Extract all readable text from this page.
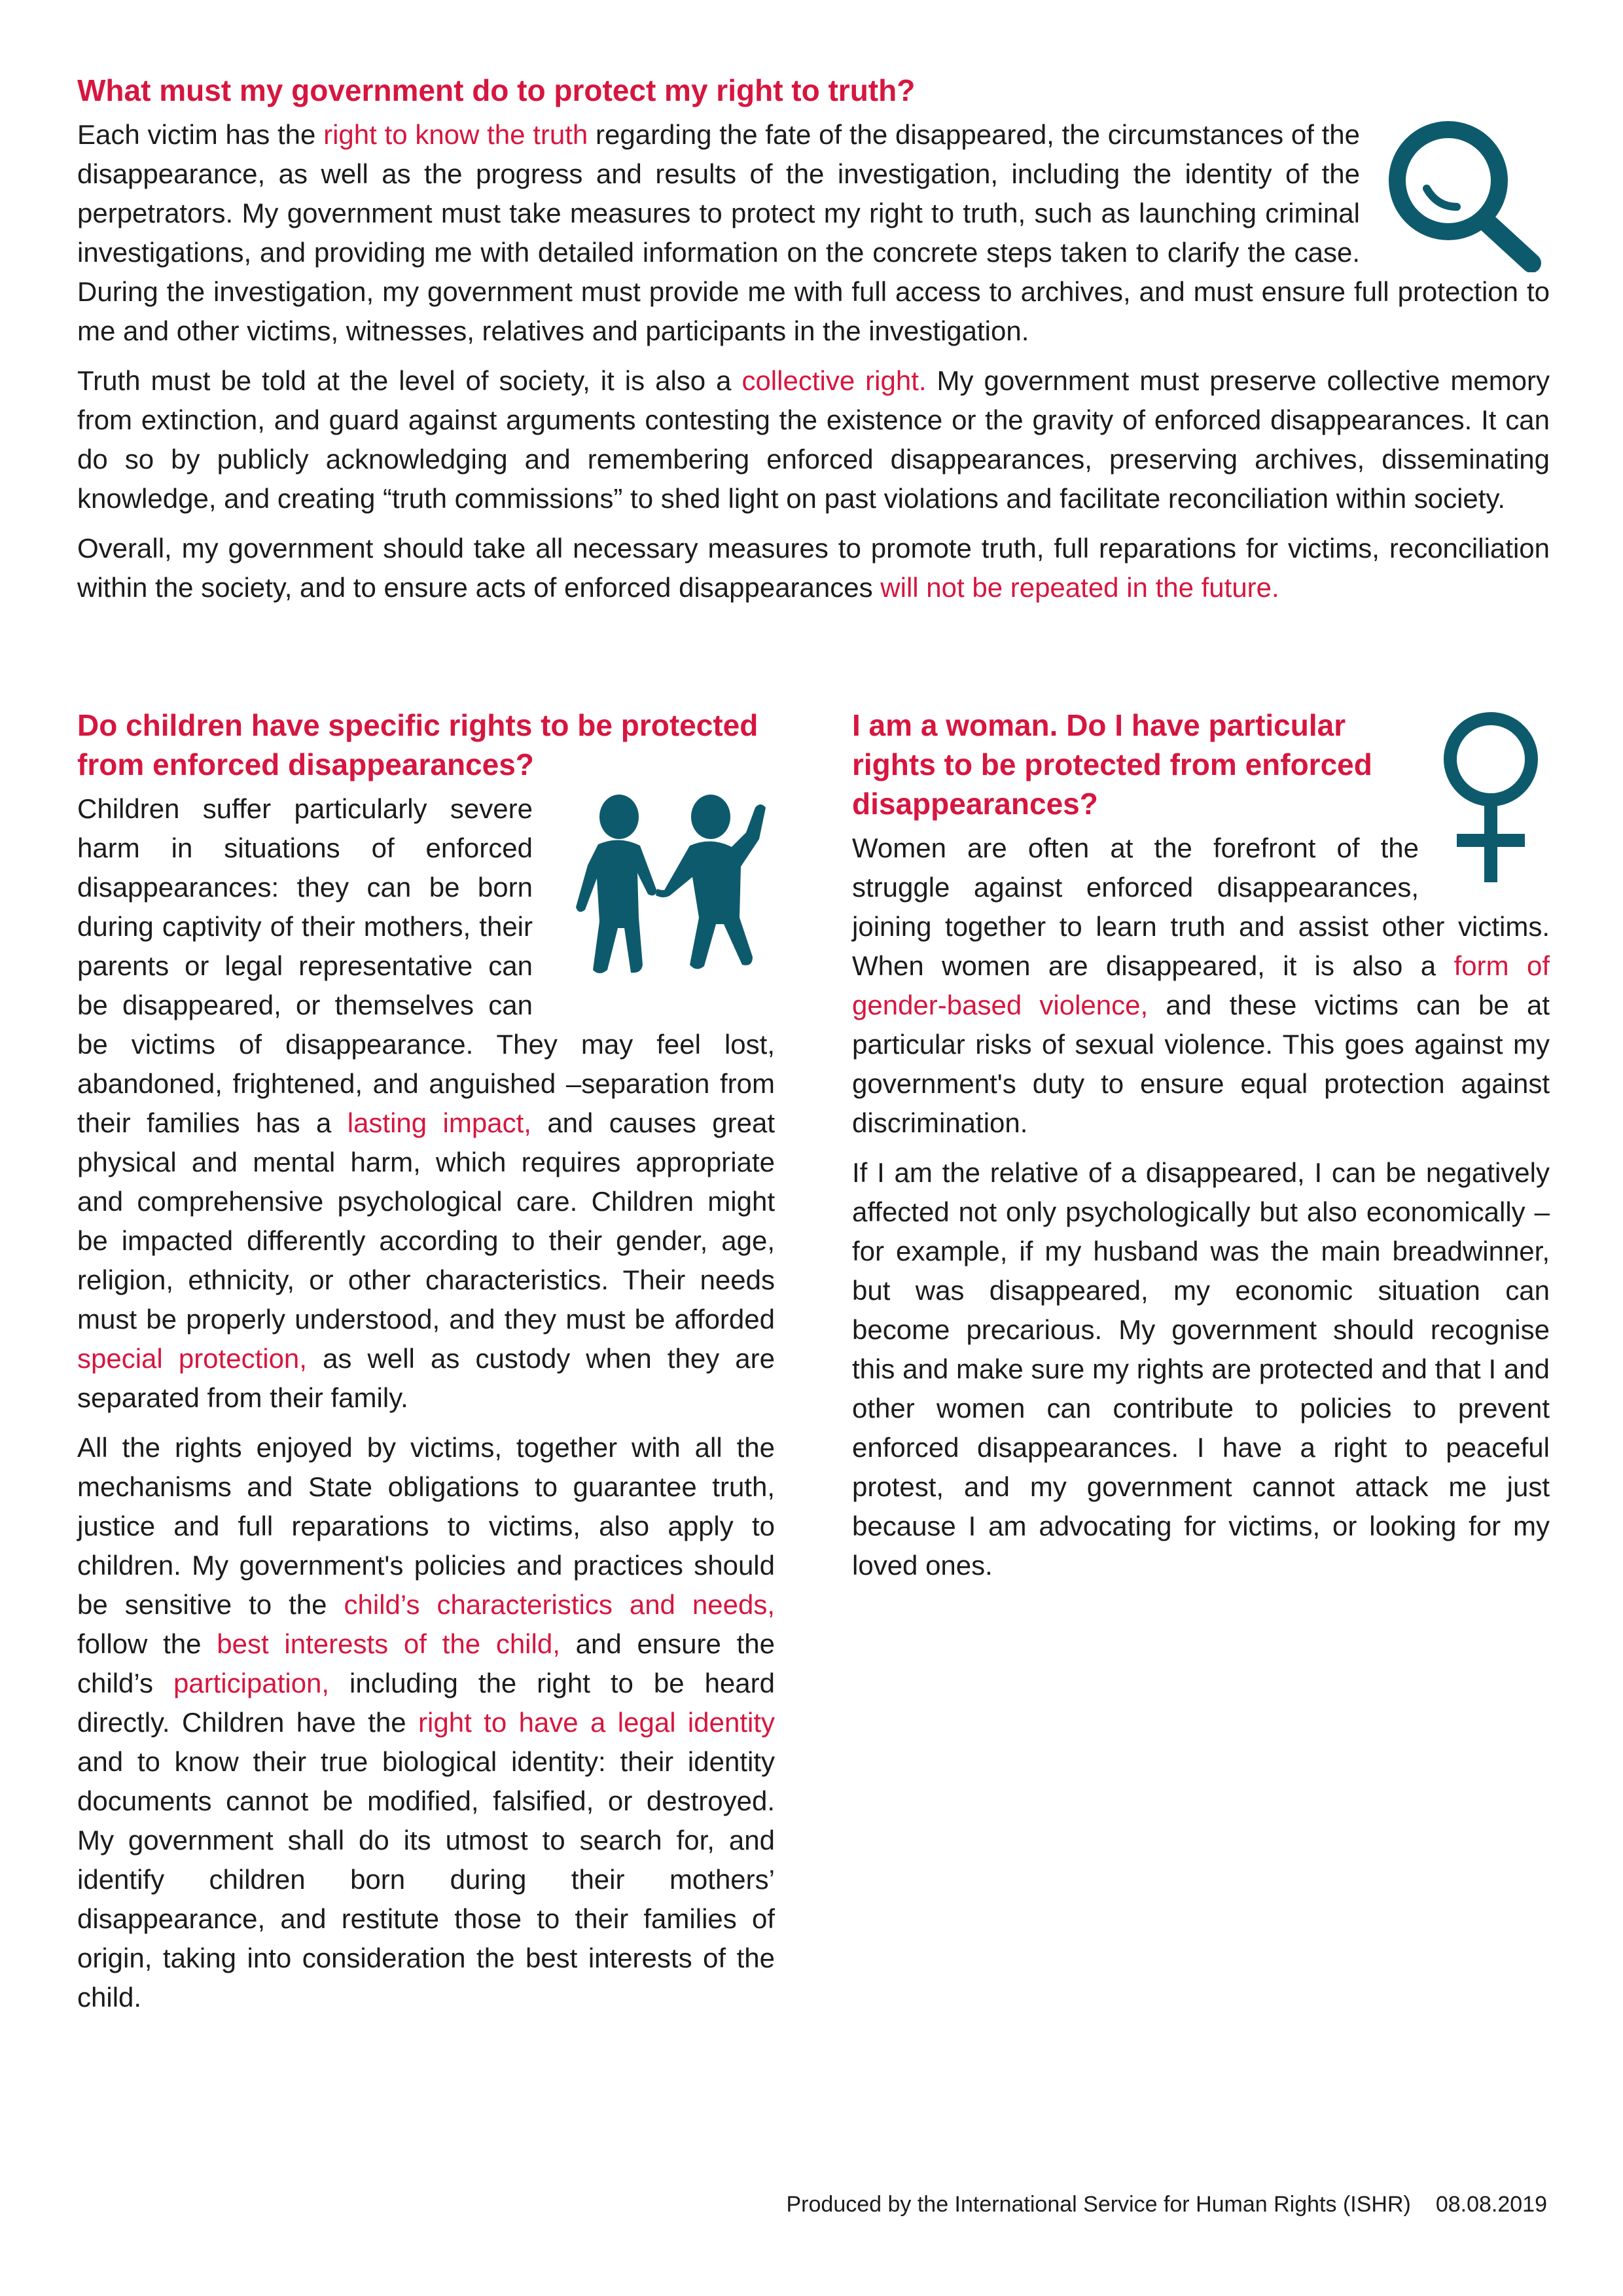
What must my government do to protect my right to truth?

Each victim has the right to know the truth regarding the fate of the disappeared, the circumstances of the disappearance, as well as the progress and results of the investigation, including the identity of the perpetrators. My government must take measures to protect my right to truth, such as launching criminal investigations, and providing me with detailed information on the concrete steps taken to clarify the case. During the investigation, my government must provide me with full access to archives, and must ensure full protection to me and other victims, witnesses, relatives and participants in the investigation.

Truth must be told at the level of society, it is also a collective right. My government must preserve collective memory from extinction, and guard against arguments contesting the existence or the gravity of enforced disappearances. It can do so by publicly acknowledging and remembering enforced disappearances, preserving archives, disseminating knowledge, and creating “truth commissions” to shed light on past violations and facilitate reconciliation within society.

Overall, my government should take all necessary measures to promote truth, full reparations for victims, reconciliation within the society, and to ensure acts of enforced disappearances will not be repeated in the future.

Do children have specific rights to be protected from enforced disappearances?

Children suffer particularly severe harm in situations of enforced disappearances: they can be born during captivity of their mothers, their parents or legal representative can be disappeared, or themselves can be victims of disappearance. They may feel lost, abandoned, frightened, and anguished –separation from their families has a lasting impact, and causes great physical and mental harm, which requires appropriate and comprehensive psychological care. Children might be impacted differently according to their gender, age, religion, ethnicity, or other characteristics. Their needs must be properly understood, and they must be afforded special protection, as well as custody when they are separated from their family.

All the rights enjoyed by victims, together with all the mechanisms and State obligations to guarantee truth, justice and full reparations to victims, also apply to children. My government's policies and practices should be sensitive to the child’s characteristics and needs, follow the best interests of the child, and ensure the child’s participation, including the right to be heard directly. Children have the right to have a legal identity and to know their true biological identity: their identity documents cannot be modified, falsified, or destroyed. My government shall do its utmost to search for, and identify children born during their mothers’ disappearance, and restitute those to their families of origin, taking into consideration the best interests of the child.

I am a woman. Do I have particular rights to be protected from enforced disappearances?

Women are often at the forefront of the struggle against enforced disappearances, joining together to learn truth and assist other victims. When women are disappeared, it is also a form of gender-based violence, and these victims can be at particular risks of sexual violence. This goes against my government's duty to ensure equal protection against discrimination.

If I am the relative of a disappeared, I can be negatively affected not only psychologically but also economically – for example, if my husband was the main breadwinner, but was disappeared, my economic situation can become precarious. My government should recognise this and make sure my rights are protected and that I and other women can contribute to policies to prevent enforced disappearances. I have a right to peaceful protest, and my government cannot attack me just because I am advocating for victims, or looking for my loved ones.

Produced by the International Service for Human Rights (ISHR) 08.08.2019
